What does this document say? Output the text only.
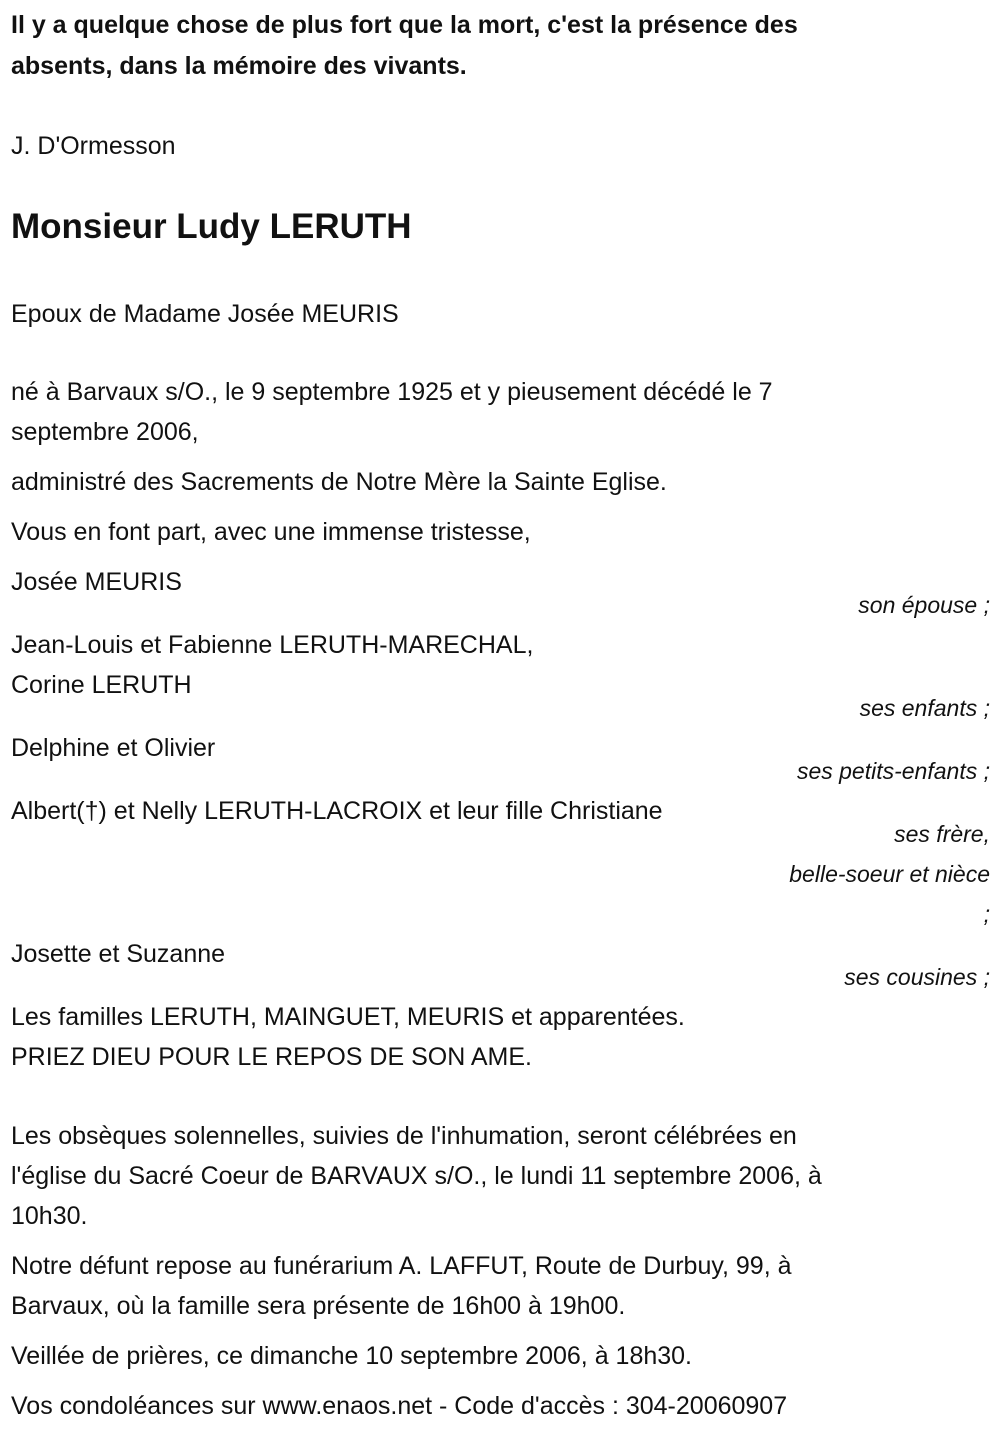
Il y a quelque chose de plus fort que la mort, c'est la présence des
absents, dans la mémoire des vivants.
J. D'Ormesson
Monsieur Ludy LERUTH
Epoux de Madame Josée MEURIS
né à Barvaux s/O., le 9 septembre 1925 et y pieusement décédé le 7
septembre 2006,
administré des Sacrements de Notre Mère la Sainte Eglise.
Vous en font part, avec une immense tristesse,
Josée MEURIS
son épouse ;
Jean-Louis et Fabienne LERUTH-MARECHAL,
Corine LERUTH
ses enfants ;
Delphine et Olivier
ses petits-enfants ;
Albert(†) et Nelly LERUTH-LACROIX et leur fille Christiane
ses frère,
belle-soeur et nièce
;
Josette et Suzanne
ses cousines ;
Les familles LERUTH, MAINGUET, MEURIS et apparentées.
PRIEZ DIEU POUR LE REPOS DE SON AME.
Les obsèques solennelles, suivies de l'inhumation, seront célébrées en
l'église du Sacré Coeur de BARVAUX s/O., le lundi 11 septembre 2006, à
10h30.
Notre défunt repose au funérarium A. LAFFUT, Route de Durbuy, 99, à
Barvaux, où la famille sera présente de 16h00 à 19h00.
Veillée de prières, ce dimanche 10 septembre 2006, à 18h30.
Vos condoléances sur www.enaos.net - Code d'accès : 304-20060907
